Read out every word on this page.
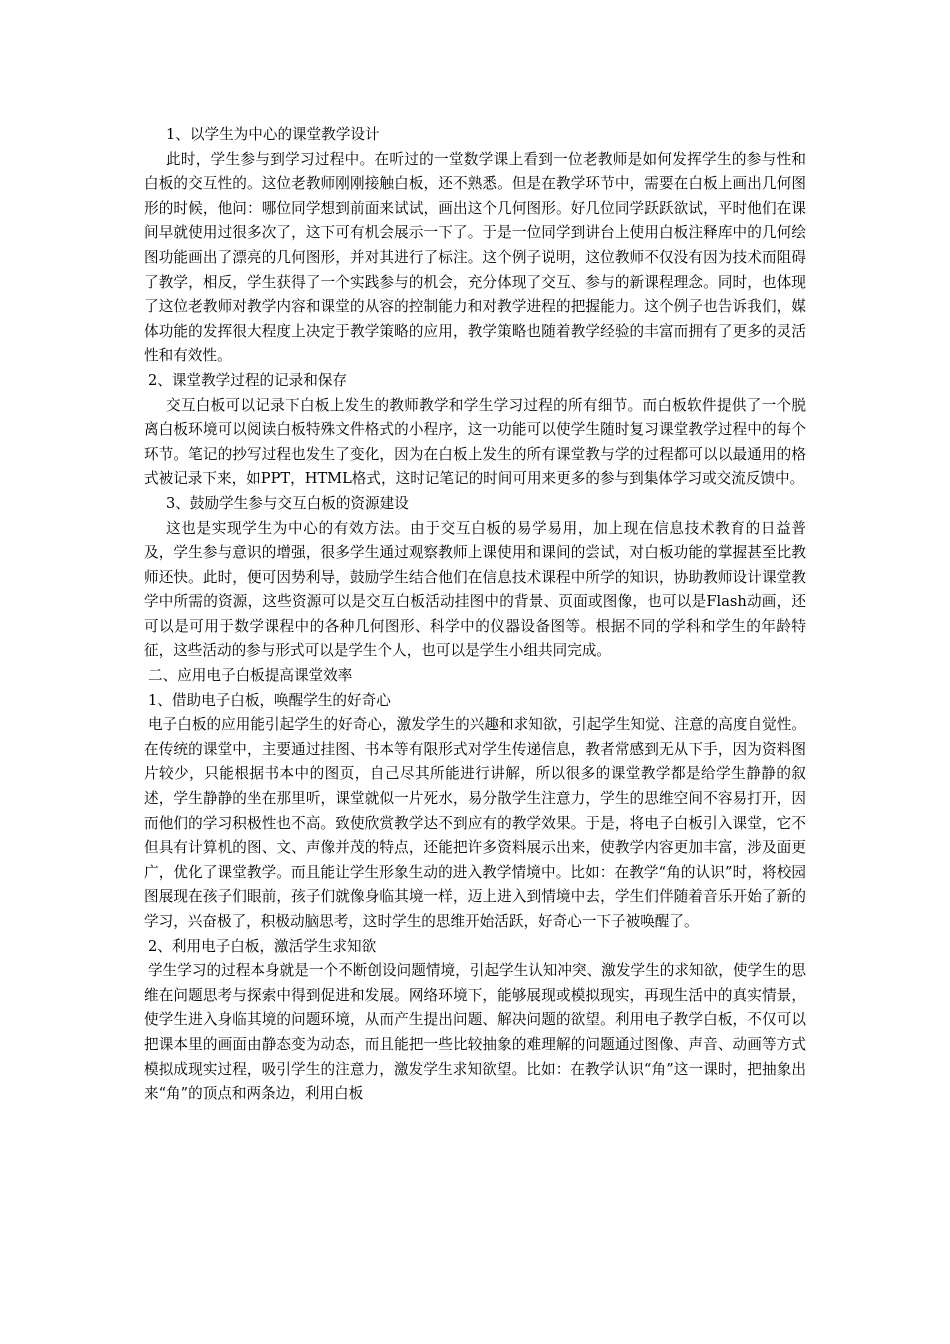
1、以学生为中心的课堂教学设计

此时，学生参与到学习过程中。在听过的一堂数学课上看到一位老教师是如何发挥学生的参与性和白板的交互性的。这位老教师刚刚接触白板，还不熟悉。但是在教学环节中，需要在白板上画出几何图形的时候，他问：哪位同学想到前面来试试，画出这个几何图形。好几位同学跃跃欲试，平时他们在课间早就使用过很多次了，这下可有机会展示一下了。于是一位同学到讲台上使用白板注释库中的几何绘图功能画出了漂亮的几何图形，并对其进行了标注。这个例子说明，这位教师不仅没有因为技术而阻碍了教学，相反，学生获得了一个实践参与的机会，充分体现了交互、参与的新课程理念。同时，也体现了这位老教师对教学内容和课堂的从容的控制能力和对教学进程的把握能力。这个例子也告诉我们，媒体功能的发挥很大程度上决定于教学策略的应用，教学策略也随着教学经验的丰富而拥有了更多的灵活性和有效性。

2、课堂教学过程的记录和保存

交互白板可以记录下白板上发生的教师教学和学生学习过程的所有细节。而白板软件提供了一个脱离白板环境可以阅读白板特殊文件格式的小程序，这一功能可以使学生随时复习课堂教学过程中的每个环节。笔记的抄写过程也发生了变化，因为在白板上发生的所有课堂教与学的过程都可以以最通用的格式被记录下来，如PPT，HTML格式，这时记笔记的时间可用来更多的参与到集体学习或交流反馈中。

3、鼓励学生参与交互白板的资源建设

这也是实现学生为中心的有效方法。由于交互白板的易学易用，加上现在信息技术教育的日益普及，学生参与意识的增强，很多学生通过观察教师上课使用和课间的尝试，对白板功能的掌握甚至比教师还快。此时，便可因势利导，鼓励学生结合他们在信息技术课程中所学的知识，协助教师设计课堂教学中所需的资源，这些资源可以是交互白板活动挂图中的背景、页面或图像，也可以是Flash动画，还可以是可用于数学课程中的各种几何图形、科学中的仪器设备图等。根据不同的学科和学生的年龄特征，这些活动的参与形式可以是学生个人，也可以是学生小组共同完成。

二、应用电子白板提高课堂效率

1、借助电子白板，唤醒学生的好奇心

电子白板的应用能引起学生的好奇心，激发学生的兴趣和求知欲，引起学生知觉、注意的高度自觉性。在传统的课堂中，主要通过挂图、书本等有限形式对学生传递信息，教者常感到无从下手，因为资料图片较少，只能根据书本中的图页，自己尽其所能进行讲解，所以很多的课堂教学都是给学生静静的叙述，学生静静的坐在那里听，课堂就似一片死水，易分散学生注意力，学生的思维空间不容易打开，因而他们的学习积极性也不高。致使欣赏教学达不到应有的教学效果。于是，将电子白板引入课堂，它不但具有计算机的图、文、声像并茂的特点，还能把许多资料展示出来，使教学内容更加丰富，涉及面更广，优化了课堂教学。而且能让学生形象生动的进入教学情境中。比如：在教学“角的认识”时，将校园图展现在孩子们眼前，孩子们就像身临其境一样，迈上进入到情境中去，学生们伴随着音乐开始了新的学习，兴奋极了，积极动脑思考，这时学生的思维开始活跃，好奇心一下子被唤醒了。

2、利用电子白板，激活学生求知欲

学生学习的过程本身就是一个不断创设问题情境，引起学生认知冲突、激发学生的求知欲，使学生的思维在问题思考与探索中得到促进和发展。网络环境下，能够展现或模拟现实，再现生活中的真实情景，使学生进入身临其境的问题环境，从而产生提出问题、解决问题的欲望。利用电子教学白板，不仅可以把课本里的画面由静态变为动态，而且能把一些比较抽象的难理解的问题通过图像、声音、动画等方式模拟成现实过程，吸引学生的注意力，激发学生求知欲望。比如：在教学认识“角”这一课时，把抽象出来“角”的顶点和两条边，利用白板
